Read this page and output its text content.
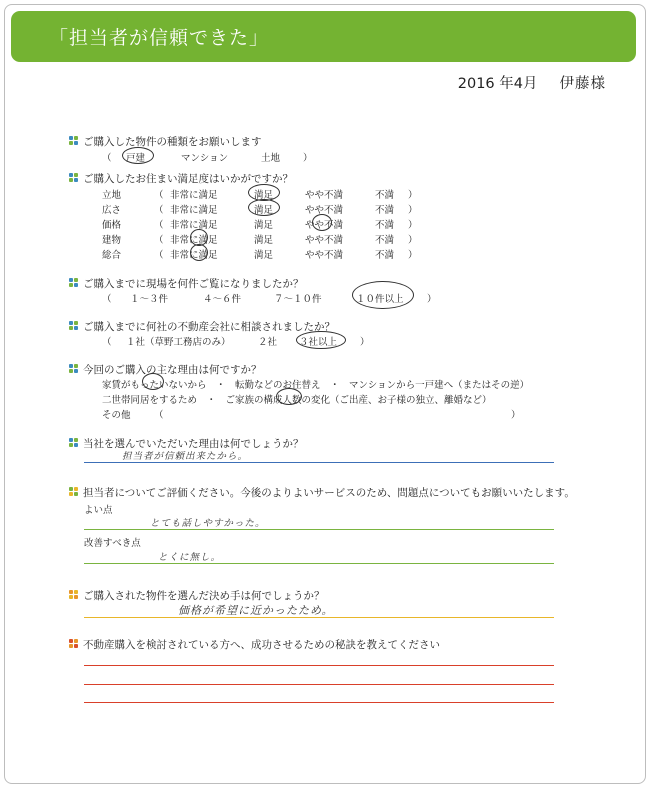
「担当者が信頼できた」
2016 年4月 伊藤様
ご購入した物件の種類をお願いします
（ 戸建	マンション	土地 ）
ご購入したお住まい満足度はいかがですか？
立地	（ 非常に満足	満足	やや不満	不満 ）
広さ	（ 非常に満足	満足	やや不満	不満 ）
価格	（ 非常に満足	満足	やや不満	不満 ）
建物	（ 非常に満足	満足	やや不満	不満 ）
総合	（ 非常に満足	満足	やや不満	不満 ）
ご購入までに現場を何件ご覧になりましたか？
（ １～３件	４～６件	７～１０件	１０件以上 ）
ご購入までに何社の不動産会社に相談されましたか？
（ １社（草野工務店のみ）	２社 ３社以上 ）
今回のご購入の主な理由は何ですか？
家賃がもったいないから　・　転勤などのお住替え　・　マンションから一戸建へ（またはその逆）
二世帯同居をするため　・　ご家族の構成人数の変化（ご出産、お子様の独立、離婚など）
その他 （	）
当社を選んでいただいた理由は何でしょうか？
担当者が信頼出来たから。
担当者についてご評価ください。今後のよりよいサービスのため、問題点についてもお願いいたします。
よい点
とても話しやすかった。
改善すべき点
とくに無し。
ご購入された物件を選んだ決め手は何でしょうか？
価格が希望に近かったため。
不動産購入を検討されている方へ、成功させるための秘訣を教えてください
